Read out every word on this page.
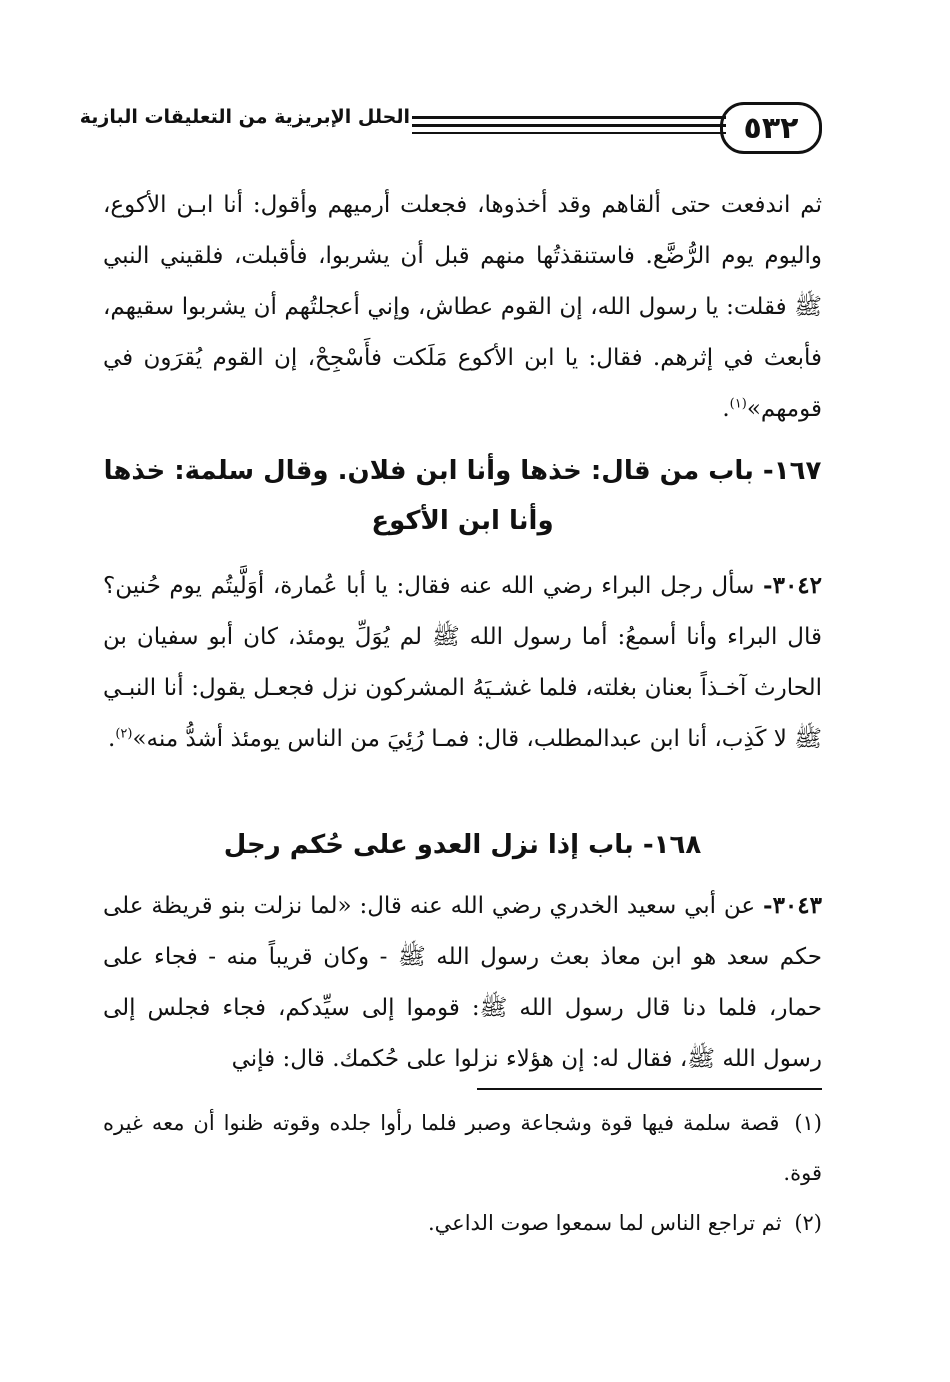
٥٣٢
الحلل الإبريزية من التعليقات البازية

ثم اندفعت حتى ألقاهم وقد أخذوها، فجعلت أرميهم وأقول: أنا ابـن الأكوع، واليوم يوم الرُّضَّع. فاستنقذتُها منهم قبل أن يشربوا، فأقبلت، فلقيني النبي ﷺ فقلت: يا رسول الله، إن القوم عطاش، وإني أعجلتُهم أن يشربوا سقيهم، فأبعث في إثرهم. فقال: يا ابن الأكوع مَلَكت فأَسْجِحْ، إن القوم يُقرَون في قومهم»$^{(١)}$.

١٦٧- باب من قال: خذها وأنا ابن فلان. وقال سلمة: خذها وأنا ابن الأكوع

٣٠٤٢- سأل رجل البراء رضي الله عنه فقال: يا أبا عُمارة، أوَلَّيتُم يوم حُنين؟ قال البراء وأنا أسمعُ: أما رسول الله ﷺ لم يُوَلِّ يومئذ، كان أبو سفيان بن الحارث آخـذاً بعنان بغلته، فلما غشـيَهُ المشركون نزل فجعـل يقول: أنا النبـي ﷺ لا كَذِب، أنا ابن عبدالمطلب، قال: فمـا رُئِيَ من الناس يومئذ أشدُّ منه»$^{(٢)}$.

١٦٨- باب إذا نزل العدو على حُكم رجل

٣٠٤٣- عن أبي سعيد الخدري رضي الله عنه قال: «لما نزلت بنو قريظة على حكم سعد هو ابن معاذ بعث رسول الله ﷺ - وكان قريباً منه - فجاء على حمار، فلما دنا قال رسول الله ﷺ: قوموا إلى سيِّدكم، فجاء فجلس إلى رسول الله ﷺ، فقال له: إن هؤلاء نزلوا على حُكمك. قال: فإني

(١) قصة سلمة فيها قوة وشجاعة وصبر فلما رأوا جلده وقوته ظنوا أن معه غيره قوة.

(٢) ثم تراجع الناس لما سمعوا صوت الداعي.
